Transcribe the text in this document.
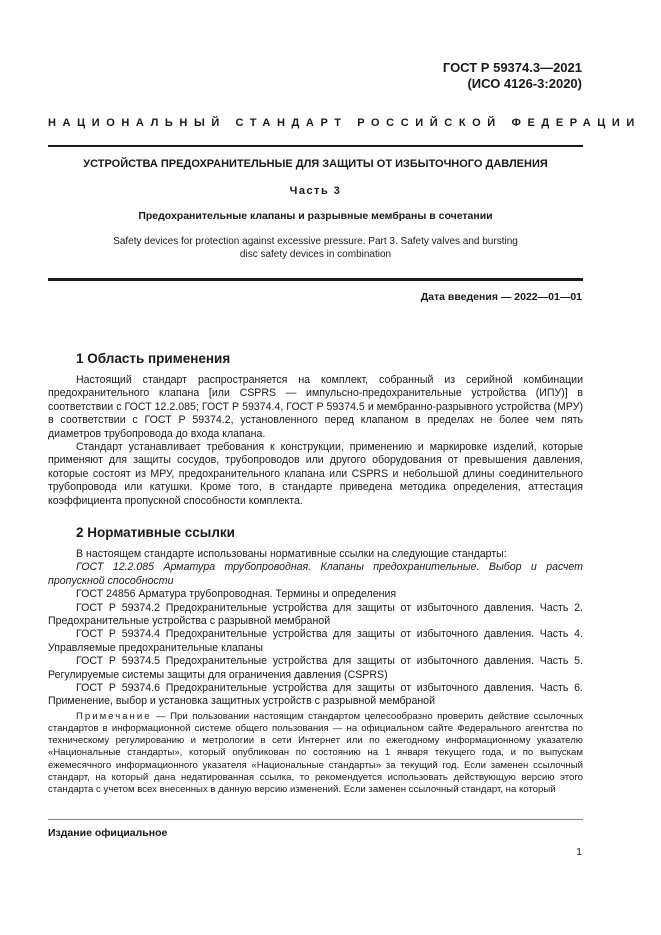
ГОСТ Р 59374.3—2021
(ИСО 4126-3:2020)
НАЦИОНАЛЬНЫЙ СТАНДАРТ РОССИЙСКОЙ ФЕДЕРАЦИИ
УСТРОЙСТВА ПРЕДОХРАНИТЕЛЬНЫЕ ДЛЯ ЗАЩИТЫ ОТ ИЗБЫТОЧНОГО ДАВЛЕНИЯ
Часть 3
Предохранительные клапаны и разрывные мембраны в сочетании
Safety devices for protection against excessive pressure. Part 3. Safety valves and bursting disc safety devices in combination
Дата введения — 2022—01—01
1 Область применения

Настоящий стандарт распространяется на комплект, собранный из серийной комбинации предохранительного клапана [или CSPRS — импульсно-предохранительные устройства (ИПУ)] в соответствии с ГОСТ 12.2.085; ГОСТ Р 59374.4, ГОСТ Р 59374.5 и мембранно-разрывного устройства (МРУ) в соответствии с ГОСТ Р 59374.2, установленного перед клапаном в пределах не более чем пять диаметров трубопровода до входа клапана.

Стандарт устанавливает требования к конструкции, применению и маркировке изделий, которые применяют для защиты сосудов, трубопроводов или другого оборудования от превышения давления, которые состоят из МРУ, предохранительного клапана или CSPRS и небольшой длины соединительного трубопровода или катушки. Кроме того, в стандарте приведена методика определения, аттестация коэффициента пропускной способности комплекта.

2 Нормативные ссылки

В настоящем стандарте использованы нормативные ссылки на следующие стандарты:

ГОСТ 12.2.085 Арматура трубопроводная. Клапаны предохранительные. Выбор и расчет пропускной способности

ГОСТ 24856 Арматура трубопроводная. Термины и определения

ГОСТ Р 59374.2 Предохранительные устройства для защиты от избыточного давления. Часть 2. Предохранительные устройства с разрывной мембраной

ГОСТ Р 59374.4 Предохранительные устройства для защиты от избыточного давления. Часть 4. Управляемые предохранительные клапаны

ГОСТ Р 59374.5 Предохранительные устройства для защиты от избыточного давления. Часть 5. Регулируемые системы защиты для ограничения давления (CSPRS)

ГОСТ Р 59374.6 Предохранительные устройства для защиты от избыточного давления. Часть 6. Применение, выбор и установка защитных устройств с разрывной мембраной

Примечание — При пользовании настоящим стандартом целесообразно проверить действие ссылочных стандартов в информационной системе общего пользования — на официальном сайте Федерального агентства по техническому регулированию и метрологии в сети Интернет или по ежегодному информационному указателю «Национальные стандарты», который опубликован по состоянию на 1 января текущего года, и по выпускам ежемесячного информационного указателя «Национальные стандарты» за текущий год. Если заменен ссылочный стандарт, на который дана недатированная ссылка, то рекомендуется использовать действующую версию этого стандарта с учетом всех внесенных в данную версию изменений. Если заменен ссылочный стандарт, на который

Издание официальное
1
